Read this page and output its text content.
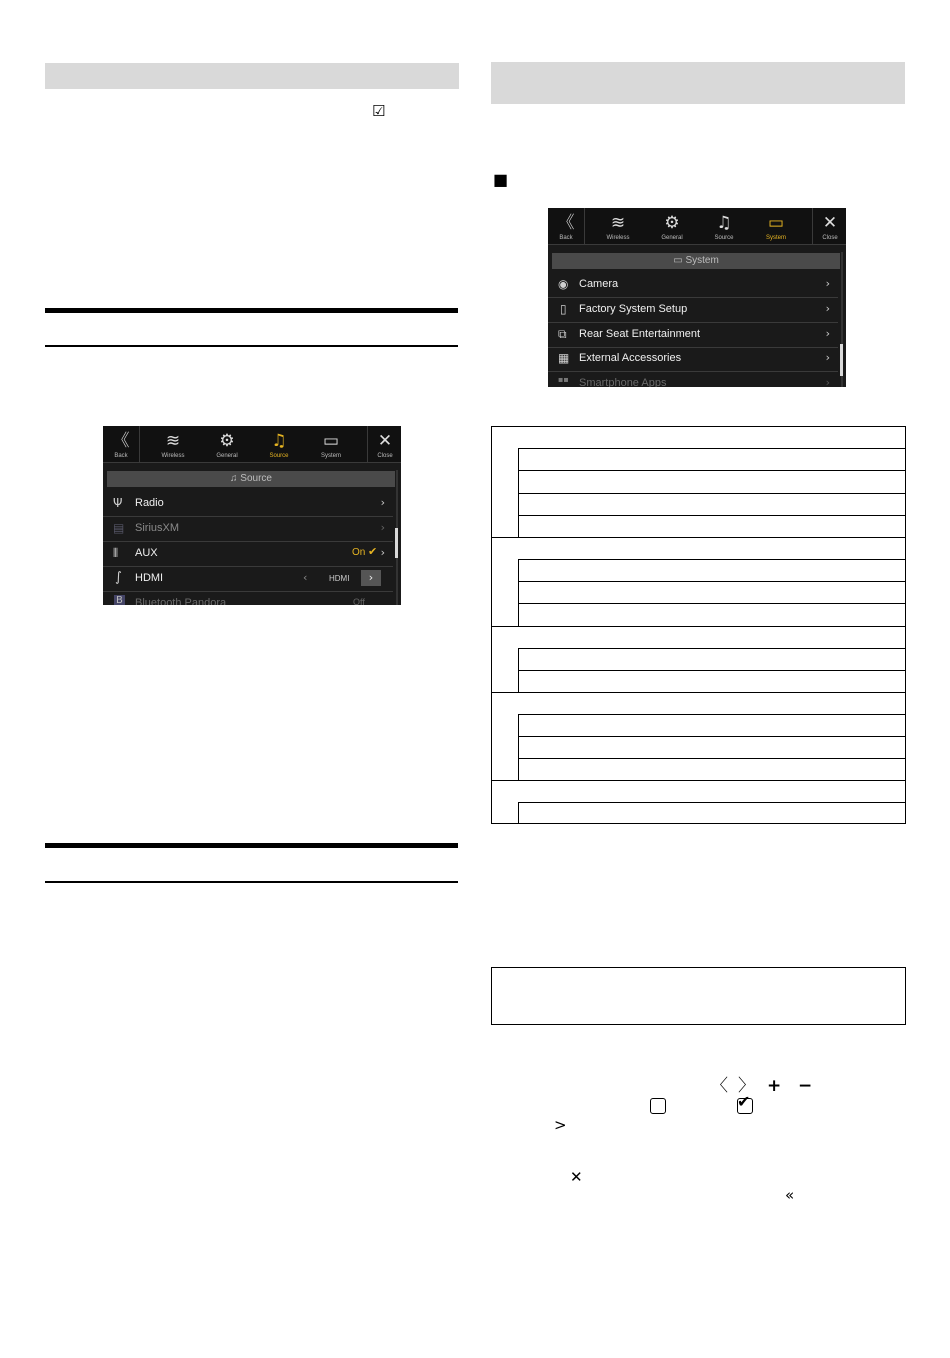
☑
《
Back
≋
Wireless
⚙
General
♫
Source
▭
System
✕
Close
♫ Source
Ψ Radio	›
▤ SiriusXM	›
⫴ AUX	On ✔ ›
∫ HDMI	‹	HDMI	›
B Bluetooth Pandora	Off
■
《
Back
≋
Wireless
⚙
General
♫
Source
▭
System
✕
Close
▭ System
◉ Camera	›
▯ Factory System Setup	›
⧉ Rear Seat Entertainment	›
▦ External Accessories	›
▪▪ Smartphone Apps	›
〈 〉 + −
✔
>
✕
«
